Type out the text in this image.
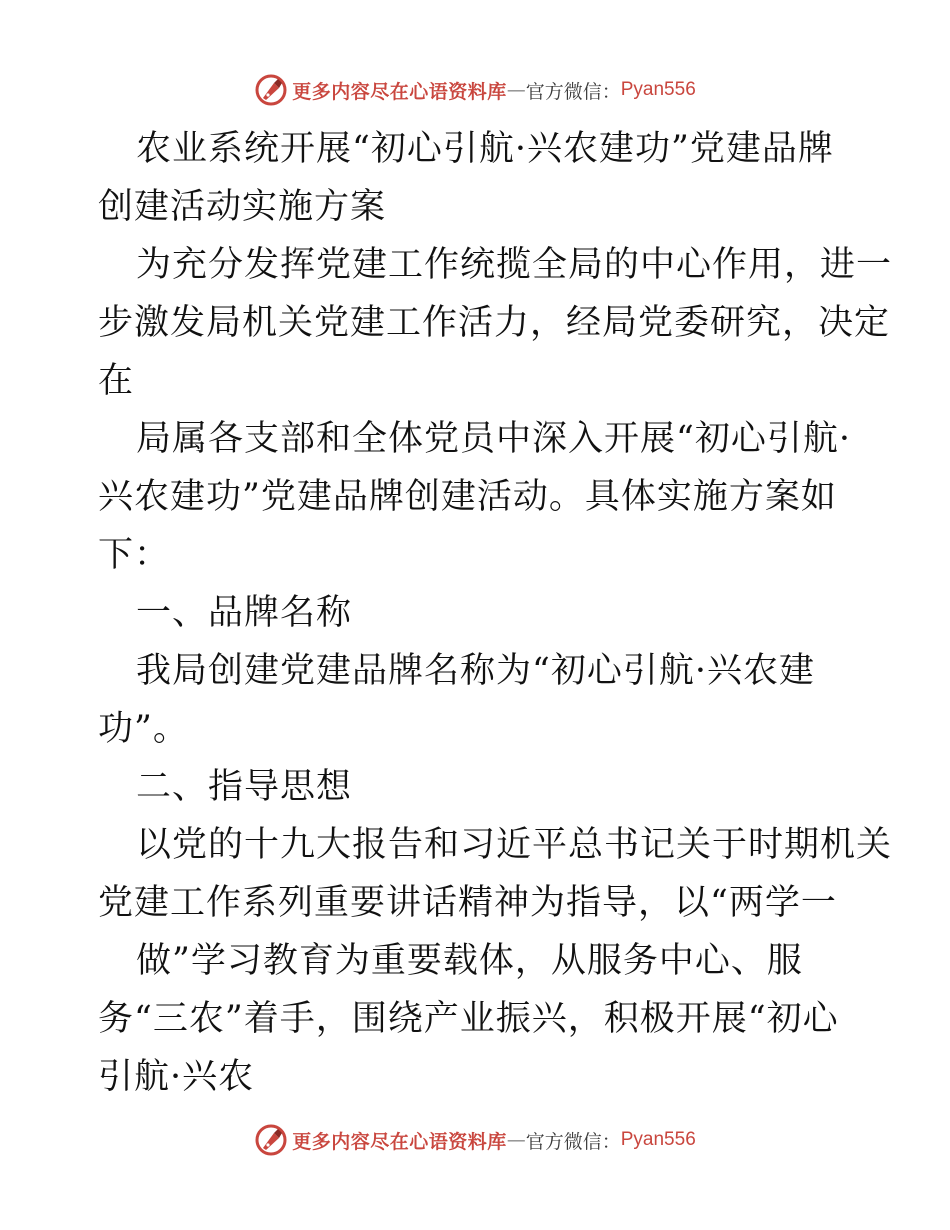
更多内容尽在心语资料库 — 官方微信： Pyan556
农业系统开展“初心引航·兴农建功”党建品牌
创建活动实施方案
为充分发挥党建工作统揽全局的中心作用，进一
步激发局机关党建工作活力，经局党委研究，决定
在
局属各支部和全体党员中深入开展“初心引航·
兴农建功”党建品牌创建活动。具体实施方案如
下：
一、品牌名称
我局创建党建品牌名称为“初心引航·兴农建
功”。
二、指导思想
以党的十九大报告和习近平总书记关于时期机关
党建工作系列重要讲话精神为指导，以“两学一
做”学习教育为重要载体，从服务中心、服
务“三农”着手，围绕产业振兴，积极开展“初心
引航·兴农
更多内容尽在心语资料库 — 官方微信： Pyan556
